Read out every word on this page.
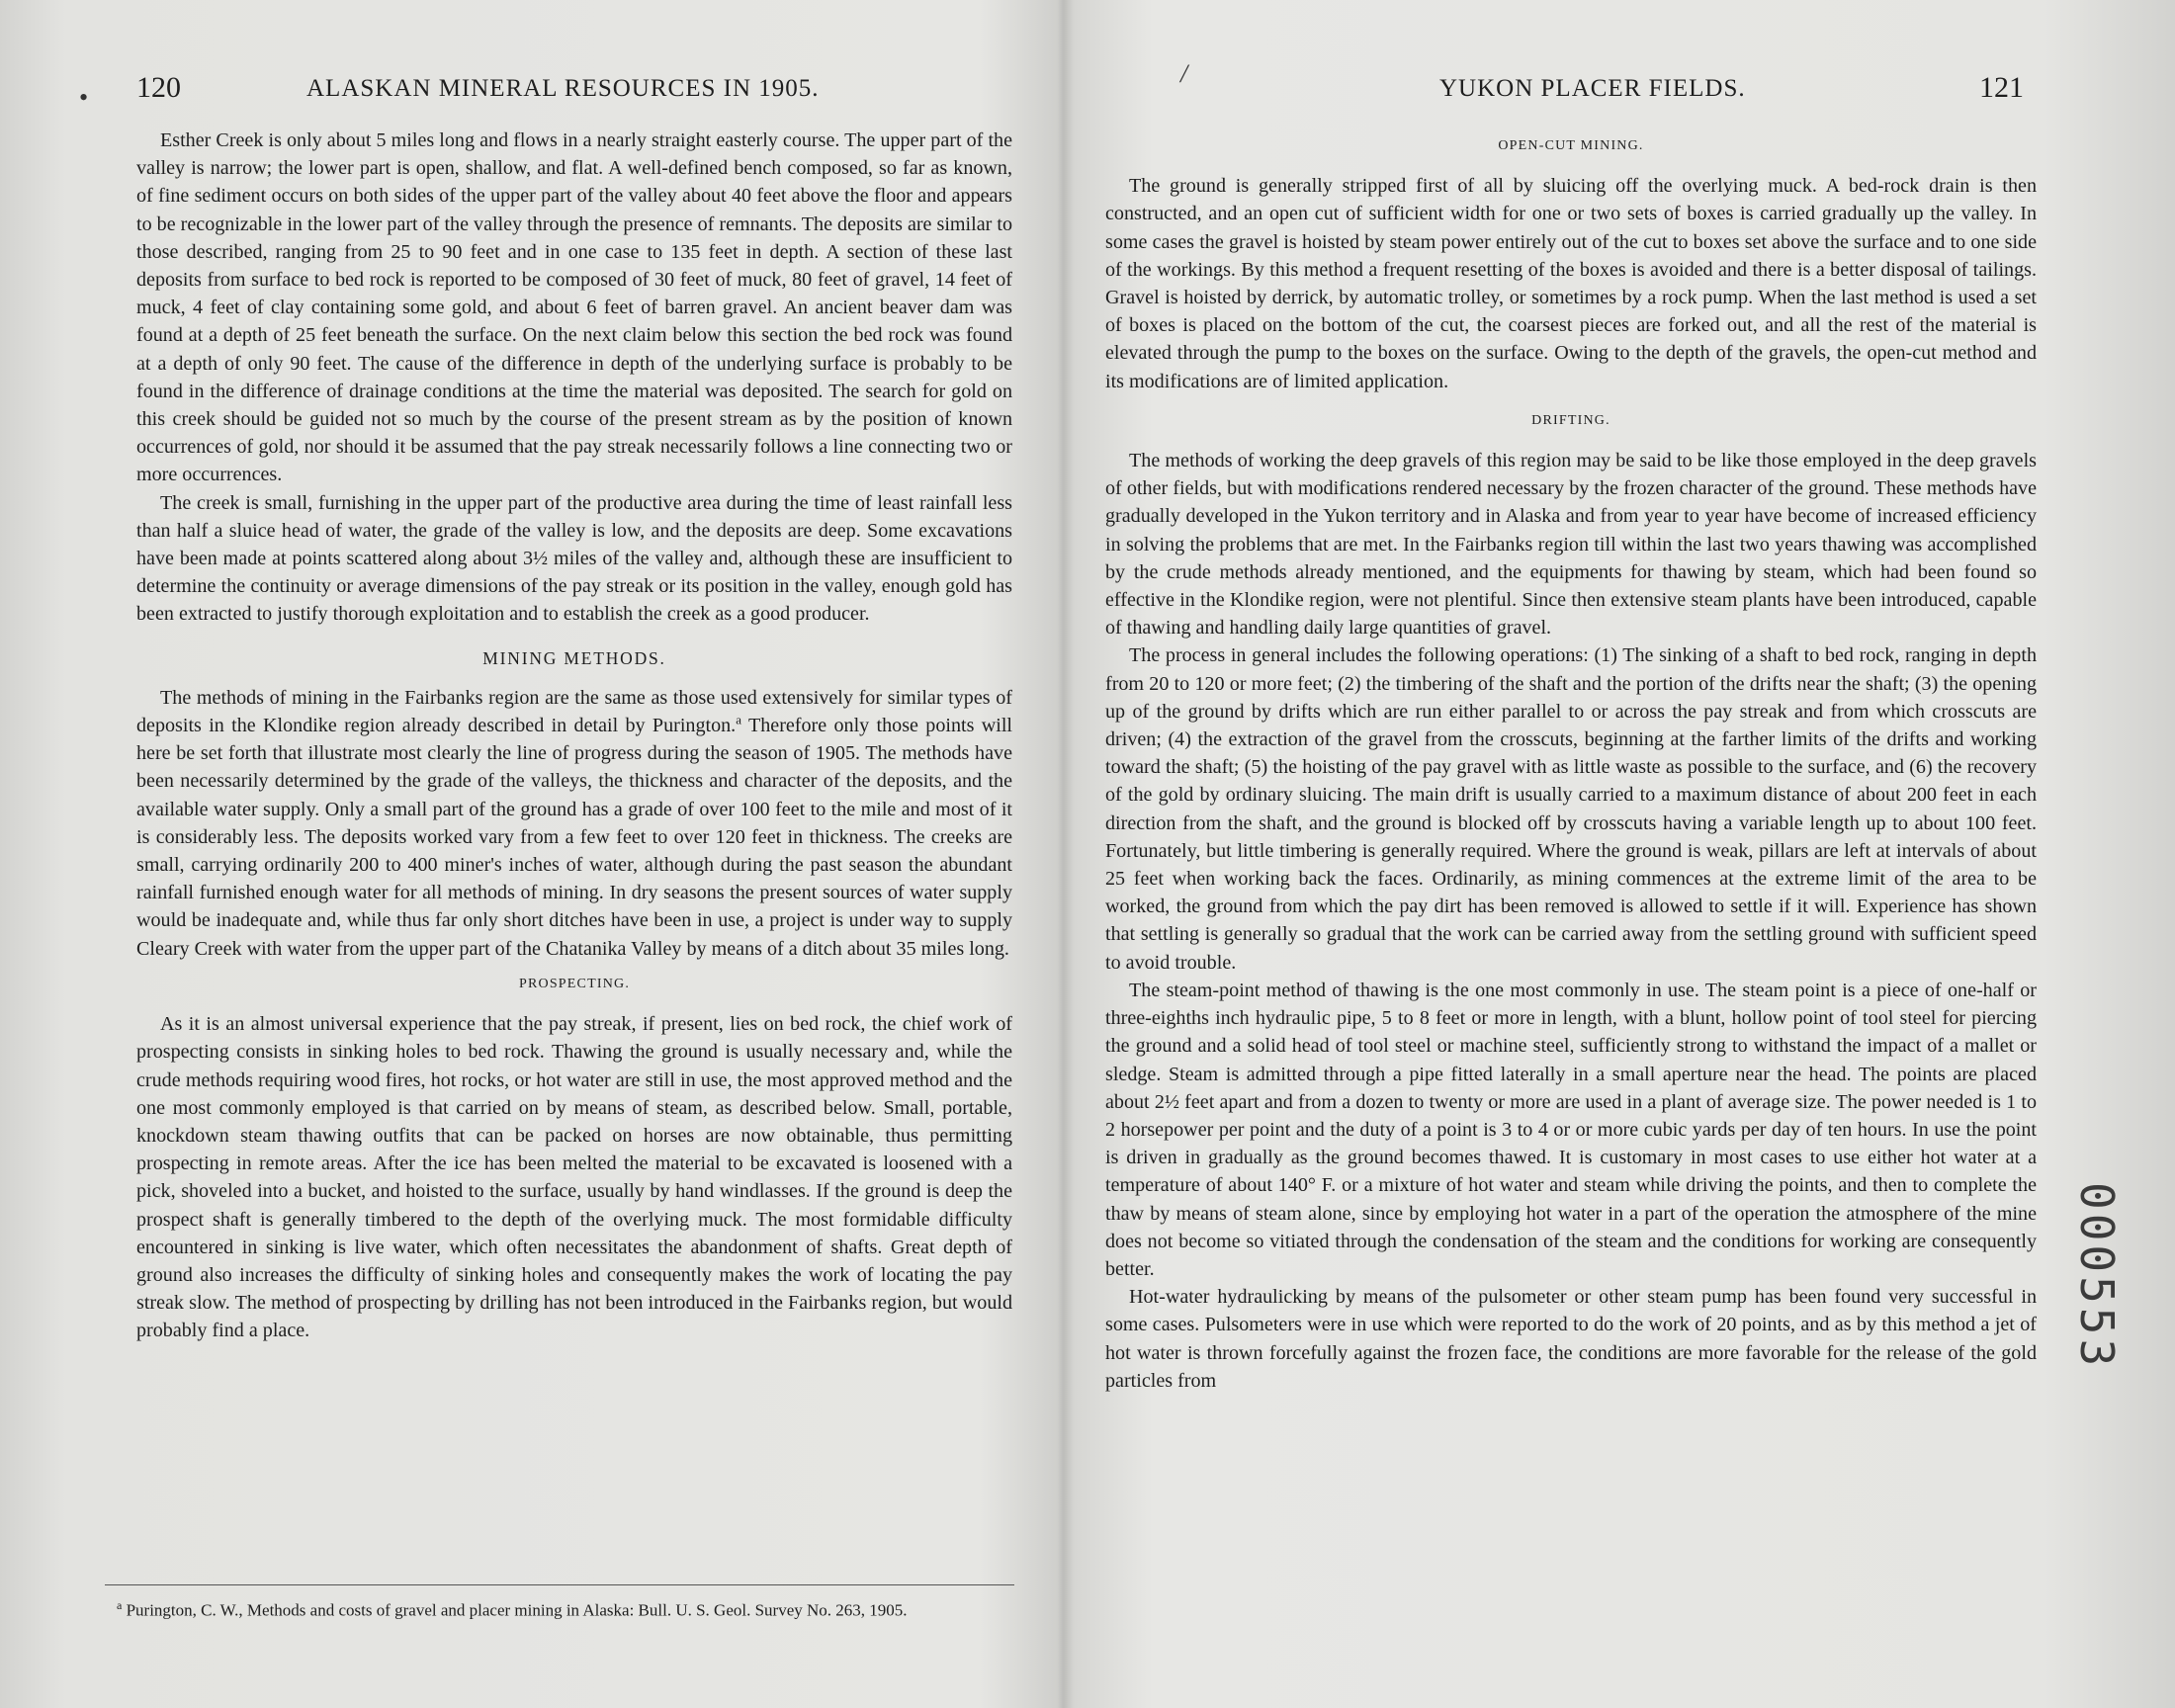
• 120	ALASKAN MINERAL RESOURCES IN 1905.

Esther Creek is only about 5 miles long and flows in a nearly straight easterly course. The upper part of the valley is narrow; the lower part is open, shallow, and flat. A well-defined bench composed, so far as known, of fine sediment occurs on both sides of the upper part of the valley about 40 feet above the floor and appears to be recognizable in the lower part of the valley through the presence of remnants. The deposits are similar to those described, ranging from 25 to 90 feet and in one case to 135 feet in depth. A section of these last deposits from surface to bed rock is reported to be composed of 30 feet of muck, 80 feet of gravel, 14 feet of muck, 4 feet of clay containing some gold, and about 6 feet of barren gravel. An ancient beaver dam was found at a depth of 25 feet beneath the surface. On the next claim below this section the bed rock was found at a depth of only 90 feet. The cause of the difference in depth of the underlying surface is probably to be found in the difference of drainage conditions at the time the material was deposited. The search for gold on this creek should be guided not so much by the course of the present stream as by the position of known occurrences of gold, nor should it be assumed that the pay streak necessarily follows a line connecting two or more occurrences.

The creek is small, furnishing in the upper part of the productive area during the time of least rainfall less than half a sluice head of water, the grade of the valley is low, and the deposits are deep. Some excavations have been made at points scattered along about 3½ miles of the valley and, although these are insufficient to determine the continuity or average dimensions of the pay streak or its position in the valley, enough gold has been extracted to justify thorough exploitation and to establish the creek as a good producer.

MINING METHODS.

The methods of mining in the Fairbanks region are the same as those used extensively for similar types of deposits in the Klondike region already described in detail by Purington.$^a$ Therefore only those points will here be set forth that illustrate most clearly the line of progress during the season of 1905. The methods have been necessarily determined by the grade of the valleys, the thickness and character of the deposits, and the available water supply. Only a small part of the ground has a grade of over 100 feet to the mile and most of it is considerably less. The deposits worked vary from a few feet to over 120 feet in thickness. The creeks are small, carrying ordinarily 200 to 400 miner's inches of water, although during the past season the abundant rainfall furnished enough water for all methods of mining. In dry seasons the present sources of water supply would be inadequate and, while thus far only short ditches have been in use, a project is under way to supply Cleary Creek with water from the upper part of the Chatanika Valley by means of a ditch about 35 miles long.

PROSPECTING.

As it is an almost universal experience that the pay streak, if present, lies on bed rock, the chief work of prospecting consists in sinking holes to bed rock. Thawing the ground is usually necessary and, while the crude methods requiring wood fires, hot rocks, or hot water are still in use, the most approved method and the one most commonly employed is that carried on by means of steam, as described below. Small, portable, knockdown steam thawing outfits that can be packed on horses are now obtainable, thus permitting prospecting in remote areas. After the ice has been melted the material to be excavated is loosened with a pick, shoveled into a bucket, and hoisted to the surface, usually by hand windlasses. If the ground is deep the prospect shaft is generally timbered to the depth of the overlying muck. The most formidable difficulty encountered in sinking is live water, which often necessitates the abandonment of shafts. Great depth of ground also increases the difficulty of sinking holes and consequently makes the work of locating the pay streak slow. The method of prospecting by drilling has not been introduced in the Fairbanks region, but would probably find a place.

$^a$ Purington, C. W., Methods and costs of gravel and placer mining in Alaska: Bull. U. S. Geol. Survey No. 263, 1905.
/
YUKON PLACER FIELDS.	121
OPEN-CUT MINING.

The ground is generally stripped first of all by sluicing off the overlying muck. A bed-rock drain is then constructed, and an open cut of sufficient width for one or two sets of boxes is carried gradually up the valley. In some cases the gravel is hoisted by steam power entirely out of the cut to boxes set above the surface and to one side of the workings. By this method a frequent resetting of the boxes is avoided and there is a better disposal of tailings. Gravel is hoisted by derrick, by automatic trolley, or sometimes by a rock pump. When the last method is used a set of boxes is placed on the bottom of the cut, the coarsest pieces are forked out, and all the rest of the material is elevated through the pump to the boxes on the surface. Owing to the depth of the gravels, the open-cut method and its modifications are of limited application.

DRIFTING.

The methods of working the deep gravels of this region may be said to be like those employed in the deep gravels of other fields, but with modifications rendered necessary by the frozen character of the ground. These methods have gradually developed in the Yukon territory and in Alaska and from year to year have become of increased efficiency in solving the problems that are met. In the Fairbanks region till within the last two years thawing was accomplished by the crude methods already mentioned, and the equipments for thawing by steam, which had been found so effective in the Klondike region, were not plentiful. Since then extensive steam plants have been introduced, capable of thawing and handling daily large quantities of gravel.

The process in general includes the following operations: (1) The sinking of a shaft to bed rock, ranging in depth from 20 to 120 or more feet; (2) the timbering of the shaft and the portion of the drifts near the shaft; (3) the opening up of the ground by drifts which are run either parallel to or across the pay streak and from which crosscuts are driven; (4) the extraction of the gravel from the crosscuts, beginning at the farther limits of the drifts and working toward the shaft; (5) the hoisting of the pay gravel with as little waste as possible to the surface, and (6) the recovery of the gold by ordinary sluicing. The main drift is usually carried to a maximum distance of about 200 feet in each direction from the shaft, and the ground is blocked off by crosscuts having a variable length up to about 100 feet. Fortunately, but little timbering is generally required. Where the ground is weak, pillars are left at intervals of about 25 feet when working back the faces. Ordinarily, as mining commences at the extreme limit of the area to be worked, the ground from which the pay dirt has been removed is allowed to settle if it will. Experience has shown that settling is generally so gradual that the work can be carried away from the settling ground with sufficient speed to avoid trouble.

The steam-point method of thawing is the one most commonly in use. The steam point is a piece of one-half or three-eighths inch hydraulic pipe, 5 to 8 feet or more in length, with a blunt, hollow point of tool steel for piercing the ground and a solid head of tool steel or machine steel, sufficiently strong to withstand the impact of a mallet or sledge. Steam is admitted through a pipe fitted laterally in a small aperture near the head. The points are placed about 2½ feet apart and from a dozen to twenty or more are used in a plant of average size. The power needed is 1 to 2 horsepower per point and the duty of a point is 3 to 4 or or more cubic yards per day of ten hours. In use the point is driven in gradually as the ground becomes thawed. It is customary in most cases to use either hot water at a temperature of about 140° F. or a mixture of hot water and steam while driving the points, and then to complete the thaw by means of steam alone, since by employing hot water in a part of the operation the atmosphere of the mine does not become so vitiated through the condensation of the steam and the conditions for working are consequently better.

Hot-water hydraulicking by means of the pulsometer or other steam pump has been found very successful in some cases. Pulsometers were in use which were reported to do the work of 20 points, and as by this method a jet of hot water is thrown forcefully against the frozen face, the conditions are more favorable for the release of the gold particles from

000553
